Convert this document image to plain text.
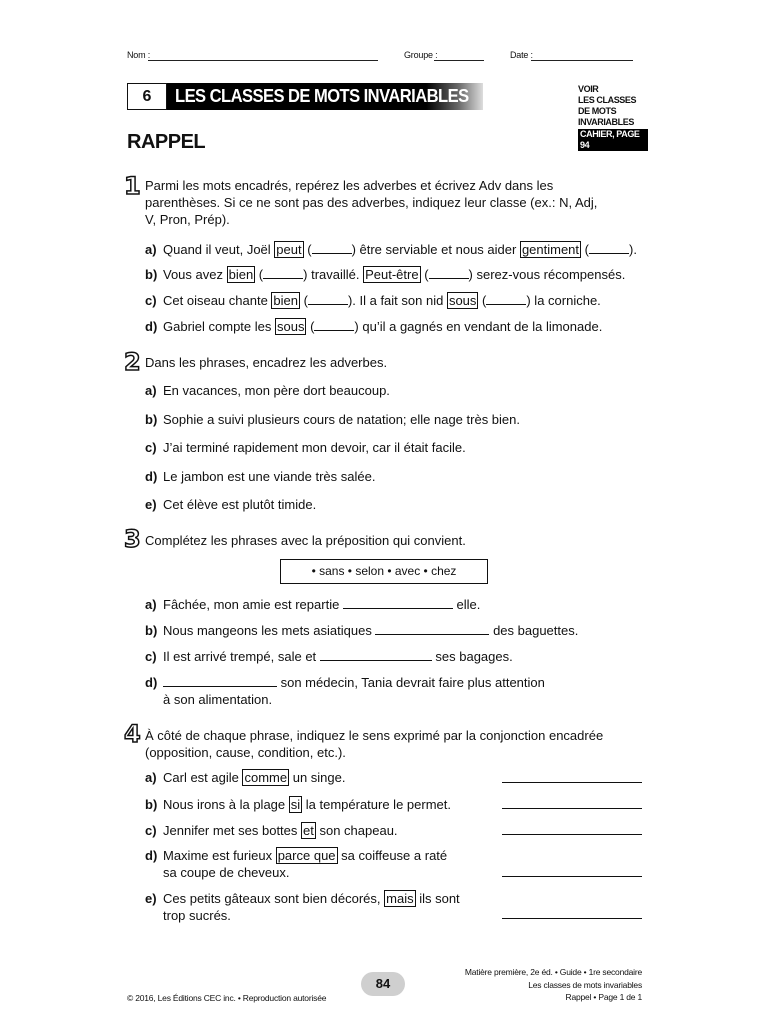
Nom :	Groupe :	Date :
6	LES CLASSES DE MOTS INVARIABLES	VOIR
LES CLASSES
DE MOTS
INVARIABLES
CAHIER, PAGE 94
RAPPEL
1 Parmi les mots encadrés, repérez les adverbes et écrivez Adv dans les
parenthèses. Si ce ne sont pas des adverbes, indiquez leur classe (ex.: N, Adj,
V, Pron, Prép).
a) Quand il veut, Joël peut (	) être serviable et nous aider gentiment (	).
b) Vous avez bien (	) travaillé. Peut-être (	) serez-vous récompensés.
c) Cet oiseau chante bien (	). Il a fait son nid sous (	) la corniche.
d) Gabriel compte les sous (	) qu’il a gagnés en vendant de la limonade.
2 Dans les phrases, encadrez les adverbes.
a) En vacances, mon père dort beaucoup.
b) Sophie a suivi plusieurs cours de natation; elle nage très bien.
c) J’ai terminé rapidement mon devoir, car il était facile.
d) Le jambon est une viande très salée.
e) Cet élève est plutôt timide.
3 Complétez les phrases avec la préposition qui convient.
• sans • selon • avec • chez
a) Fâchée, mon amie est repartie	elle.
b) Nous mangeons les mets asiatiques	des baguettes.
c) Il est arrivé trempé, sale et	ses bagages.
d)	son médecin, Tania devrait faire plus attention
à son alimentation.
4 À côté de chaque phrase, indiquez le sens exprimé par la conjonction encadrée
(opposition, cause, condition, etc.).
a) Carl est agile comme un singe.
b) Nous irons à la plage si la température le permet.
c) Jennifer met ses bottes et son chapeau.
d) Maxime est furieux parce que sa coiffeuse a raté
sa coupe de cheveux.
e) Ces petits gâteaux sont bien décorés, mais ils sont
trop sucrés.
84
© 2016, Les Éditions CEC inc. • Reproduction autorisée
Matière première, 2e éd. • Guide • 1re secondaire
Les classes de mots invariables
Rappel • Page 1 de 1
